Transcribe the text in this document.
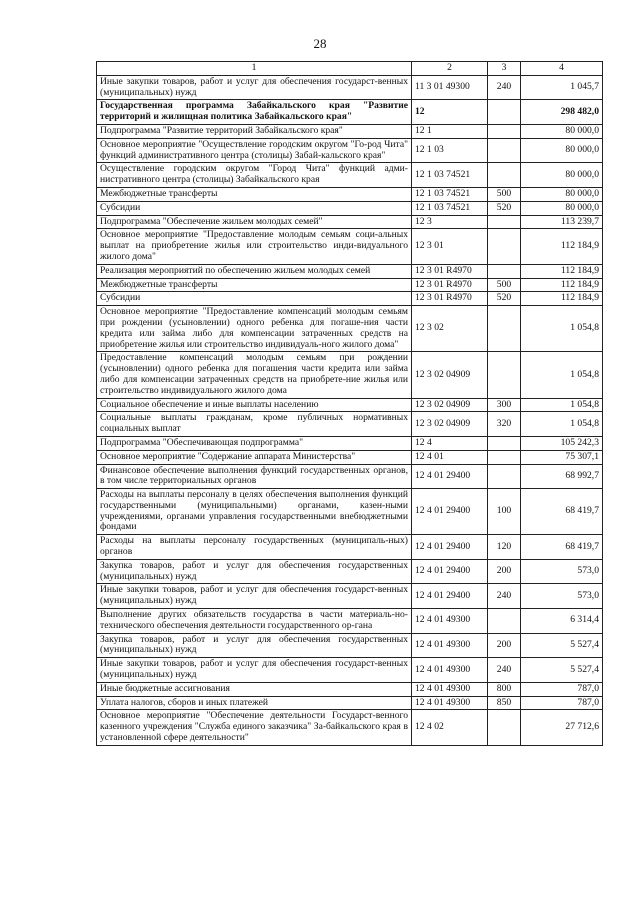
28
1	2	3	4
Иные закупки товаров, работ и услуг для обеспечения государст-венных (муниципальных) нужд	11 3 01 49300	240	1 045,7
Государственная программа Забайкальского края "Развитие территорий и жилищная политика Забайкальского края"	12		298 482,0
Подпрограмма "Развитие территорий Забайкальского края"	12 1		80 000,0
Основное мероприятие "Осуществление городским округом "Го-род Чита" функций административного центра (столицы) Забай-кальского края"	12 1 03		80 000,0
Осуществление городским округом "Город Чита" функций адми-нистративного центра (столицы) Забайкальского края	12 1 03 74521		80 000,0
Межбюджетные трансферты	12 1 03 74521	500	80 000,0
Субсидии	12 1 03 74521	520	80 000,0
Подпрограмма "Обеспечение жильем молодых семей"	12 3		113 239,7
Основное мероприятие "Предоставление молодым семьям соци-альных выплат на приобретение жилья или строительство инди-видуального жилого дома"	12 3 01		112 184,9
Реализация мероприятий по обеспечению жильем молодых семей	12 3 01 R4970		112 184,9
Межбюджетные трансферты	12 3 01 R4970	500	112 184,9
Субсидии	12 3 01 R4970	520	112 184,9
Основное мероприятие "Предоставление компенсаций молодым семьям при рождении (усыновлении) одного ребенка для погаше-ния части кредита или займа либо для компенсации затраченных средств на приобретение жилья или строительство индивидуаль-ного жилого дома"	12 3 02		1 054,8
Предоставление компенсаций молодым семьям при рождении (усыновлении) одного ребенка для погашения части кредита или займа либо для компенсации затраченных средств на приобрете-ние жилья или строительство индивидуального жилого дома	12 3 02 04909		1 054,8
Социальное обеспечение и иные выплаты населению	12 3 02 04909	300	1 054,8
Социальные выплаты гражданам, кроме публичных нормативных социальных выплат	12 3 02 04909	320	1 054,8
Подпрограмма "Обеспечивающая подпрограмма"	12 4		105 242,3
Основное мероприятие "Содержание аппарата Министерства"	12 4 01		75 307,1
Финансовое обеспечение выполнения функций государственных органов, в том числе территориальных органов	12 4 01 29400		68 992,7
Расходы на выплаты персоналу в целях обеспечения выполнения функций государственными (муниципальными) органами, казен-ными учреждениями, органами управления государственными внебюджетными фондами	12 4 01 29400	100	68 419,7
Расходы на выплаты персоналу государственных (муниципаль-ных) органов	12 4 01 29400	120	68 419,7
Закупка товаров, работ и услуг для обеспечения государственных (муниципальных) нужд	12 4 01 29400	200	573,0
Иные закупки товаров, работ и услуг для обеспечения государст-венных (муниципальных) нужд	12 4 01 29400	240	573,0
Выполнение других обязательств государства в части материаль-но-технического обеспечения деятельности государственного ор-гана	12 4 01 49300		6 314,4
Закупка товаров, работ и услуг для обеспечения государственных (муниципальных) нужд	12 4 01 49300	200	5 527,4
Иные закупки товаров, работ и услуг для обеспечения государст-венных (муниципальных) нужд	12 4 01 49300	240	5 527,4
Иные бюджетные ассигнования	12 4 01 49300	800	787,0
Уплата налогов, сборов и иных платежей	12 4 01 49300	850	787,0
Основное мероприятие "Обеспечение деятельности Государст-венного казенного учреждения "Служба единого заказчика" За-байкальского края в установленной сфере деятельности"	12 4 02		27 712,6
